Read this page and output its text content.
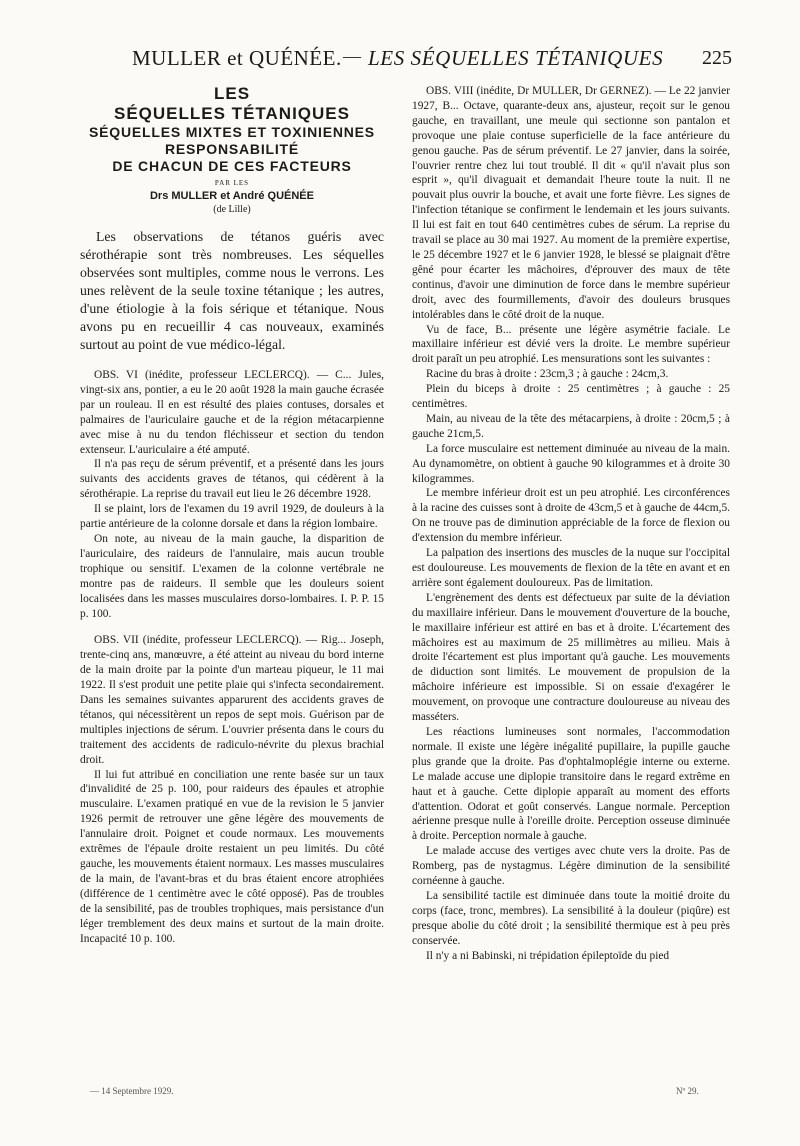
MULLER et QUÉNÉE. — LES SÉQUELLES TÉTANIQUES 225

LES

SÉQUELLES TÉTANIQUES

SÉQUELLES MIXTES ET TOXINIENNES

RESPONSABILITÉ

DE CHACUN DE CES FACTEURS

PAR LES

Drs MULLER et André QUÉNÉE

(de Lille)

Les observations de tétanos guéris avec sérothérapie sont très nombreuses. Les séquelles observées sont multiples, comme nous le verrons. Les unes relèvent de la seule toxine tétanique ; les autres, d'une étiologie à la fois sérique et tétanique. Nous avons pu en recueillir 4 cas nouveaux, examinés surtout au point de vue médico-légal.

OBS. VI (inédite, professeur LECLERCQ). — C... Jules, vingt-six ans, pontier, a eu le 20 août 1928 la main gauche écrasée par un rouleau. Il en est résulté des plaies contuses, dorsales et palmaires de l'auriculaire gauche et de la région métacarpienne avec mise à nu du tendon fléchisseur et section du tendon extenseur. L'auriculaire a été amputé.

Il n'a pas reçu de sérum préventif, et a présenté dans les jours suivants des accidents graves de tétanos, qui cédèrent à la sérothérapie. La reprise du travail eut lieu le 26 décembre 1928.

Il se plaint, lors de l'examen du 19 avril 1929, de douleurs à la partie antérieure de la colonne dorsale et dans la région lombaire.

On note, au niveau de la main gauche, la disparition de l'auriculaire, des raideurs de l'annulaire, mais aucun trouble trophique ou sensitif. L'examen de la colonne vertébrale ne montre pas de raideurs. Il semble que les douleurs soient localisées dans les masses musculaires dorso-lombaires. I. P. P. 15 p. 100.

OBS. VII (inédite, professeur LECLERCQ). — Rig... Joseph, trente-cinq ans, manœuvre, a été atteint au niveau du bord interne de la main droite par la pointe d'un marteau piqueur, le 11 mai 1922. Il s'est produit une petite plaie qui s'infecta secondairement. Dans les semaines suivantes apparurent des accidents graves de tétanos, qui nécessitèrent un repos de sept mois. Guérison par de multiples injections de sérum. L'ouvrier présenta dans le cours du traitement des accidents de radiculo-névrite du plexus brachial droit.

Il lui fut attribué en conciliation une rente basée sur un taux d'invalidité de 25 p. 100, pour raideurs des épaules et atrophie musculaire. L'examen pratiqué en vue de la revision le 5 janvier 1926 permit de retrouver une gêne légère des mouvements de l'annulaire droit. Poignet et coude normaux. Les mouvements extrêmes de l'épaule droite restaient un peu limités. Du côté gauche, les mouvements étaient normaux. Les masses musculaires de la main, de l'avant-bras et du bras étaient encore atrophiées (différence de 1 centimètre avec le côté opposé). Pas de troubles de la sensibilité, pas de troubles trophiques, mais persistance d'un léger tremblement des deux mains et surtout de la main droite. Incapacité 10 p. 100.

OBS. VIII (inédite, Dr MULLER, Dr GERNEZ). — Le 22 janvier 1927, B... Octave, quarante-deux ans, ajusteur, reçoit sur le genou gauche, en travaillant, une meule qui sectionne son pantalon et provoque une plaie contuse superficielle de la face antérieure du genou gauche. Pas de sérum préventif. Le 27 janvier, dans la soirée, l'ouvrier rentre chez lui tout troublé. Il dit « qu'il n'avait plus son esprit », qu'il divaguait et demandait l'heure toute la nuit. Il ne pouvait plus ouvrir la bouche, et avait une forte fièvre. Les signes de l'infection tétanique se confirment le lendemain et les jours suivants. Il lui est fait en tout 640 centimètres cubes de sérum. La reprise du travail se place au 30 mai 1927. Au moment de la première expertise, le 25 décembre 1927 et le 6 janvier 1928, le blessé se plaignait d'être gêné pour écarter les mâchoires, d'éprouver des maux de tête continus, d'avoir une diminution de force dans le membre supérieur droit, avec des fourmillements, d'avoir des douleurs brusques intolérables dans le côté droit de la nuque.

Vu de face, B... présente une légère asymétrie faciale. Le maxillaire inférieur est dévié vers la droite. Le membre supérieur droit paraît un peu atrophié. Les mensurations sont les suivantes :

Racine du bras à droite : 23cm,3 ; à gauche : 24cm,3.

Plein du biceps à droite : 25 centimètres ; à gauche : 25 centimètres.

Main, au niveau de la tête des métacarpiens, à droite : 20cm,5 ; à gauche 21cm,5.

La force musculaire est nettement diminuée au niveau de la main. Au dynamomètre, on obtient à gauche 90 kilogrammes et à droite 30 kilogrammes.

Le membre inférieur droit est un peu atrophié. Les circonférences à la racine des cuisses sont à droite de 43cm,5 et à gauche de 44cm,5. On ne trouve pas de diminution appréciable de la force de flexion ou d'extension du membre inférieur.

La palpation des insertions des muscles de la nuque sur l'occipital est douloureuse. Les mouvements de flexion de la tête en avant et en arrière sont également douloureux. Pas de limitation.

L'engrènement des dents est défectueux par suite de la déviation du maxillaire inférieur. Dans le mouvement d'ouverture de la bouche, le maxillaire inférieur est attiré en bas et à droite. L'écartement des mâchoires est au maximum de 25 millimètres au milieu. Mais à droite l'écartement est plus important qu'à gauche. Les mouvements de diduction sont limités. Le mouvement de propulsion de la mâchoire inférieure est impossible. Si on essaie d'exagérer le mouvement, on provoque une contracture douloureuse au niveau des masséters.

Les réactions lumineuses sont normales, l'accommodation normale. Il existe une légère inégalité pupillaire, la pupille gauche plus grande que la droite. Pas d'ophtalmoplégie interne ou externe. Le malade accuse une diplopie transitoire dans le regard extrême en haut et à gauche. Cette diplopie apparaît au moment des efforts d'attention. Odorat et goût conservés. Langue normale. Perception aérienne presque nulle à l'oreille droite. Perception osseuse diminuée à droite. Perception normale à gauche.

Le malade accuse des vertiges avec chute vers la droite. Pas de Romberg, pas de nystagmus. Légère diminution de la sensibilité cornéenne à gauche.

La sensibilité tactile est diminuée dans toute la moitié droite du corps (face, tronc, membres). La sensibilité à la douleur (piqûre) est presque abolie du côté droit ; la sensibilité thermique est à peu près conservée.

Il n'y a ni Babinski, ni trépidation épileptoïde du pied

— 14 Septembre 1929.	Nº 29.
